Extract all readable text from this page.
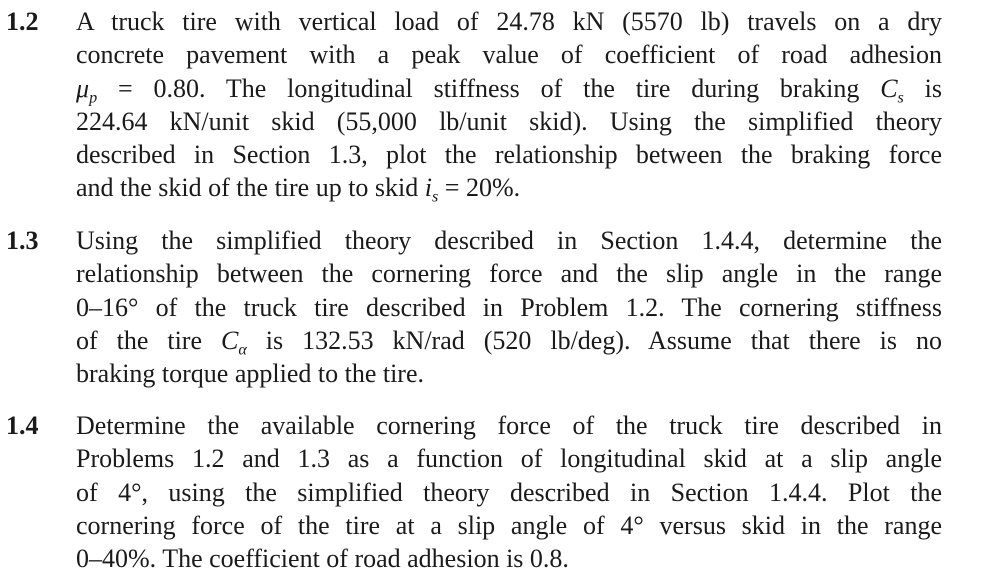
1.2 A truck tire with vertical load of 24.78 kN (5570 lb) travels on a dry
concrete pavement with a peak value of coefficient of road adhesion
$\mu_p = 0.80$. The longitudinal stiffness of the tire during braking $C_s$ is
224.64 kN/unit skid (55,000 lb/unit skid). Using the simplified theory
described in Section 1.3, plot the relationship between the braking force
and the skid of the tire up to skid $i_s = 20\%$.
1.3 Using the simplified theory described in Section 1.4.4, determine the
relationship between the cornering force and the slip angle in the range
0–16° of the truck tire described in Problem 1.2. The cornering stiffness
of the tire $C_\alpha$ is 132.53 kN/rad (520 lb/deg). Assume that there is no
braking torque applied to the tire.
1.4 Determine the available cornering force of the truck tire described in
Problems 1.2 and 1.3 as a function of longitudinal skid at a slip angle
of 4°, using the simplified theory described in Section 1.4.4. Plot the
cornering force of the tire at a slip angle of 4° versus skid in the range
0–40%. The coefficient of road adhesion is 0.8.
